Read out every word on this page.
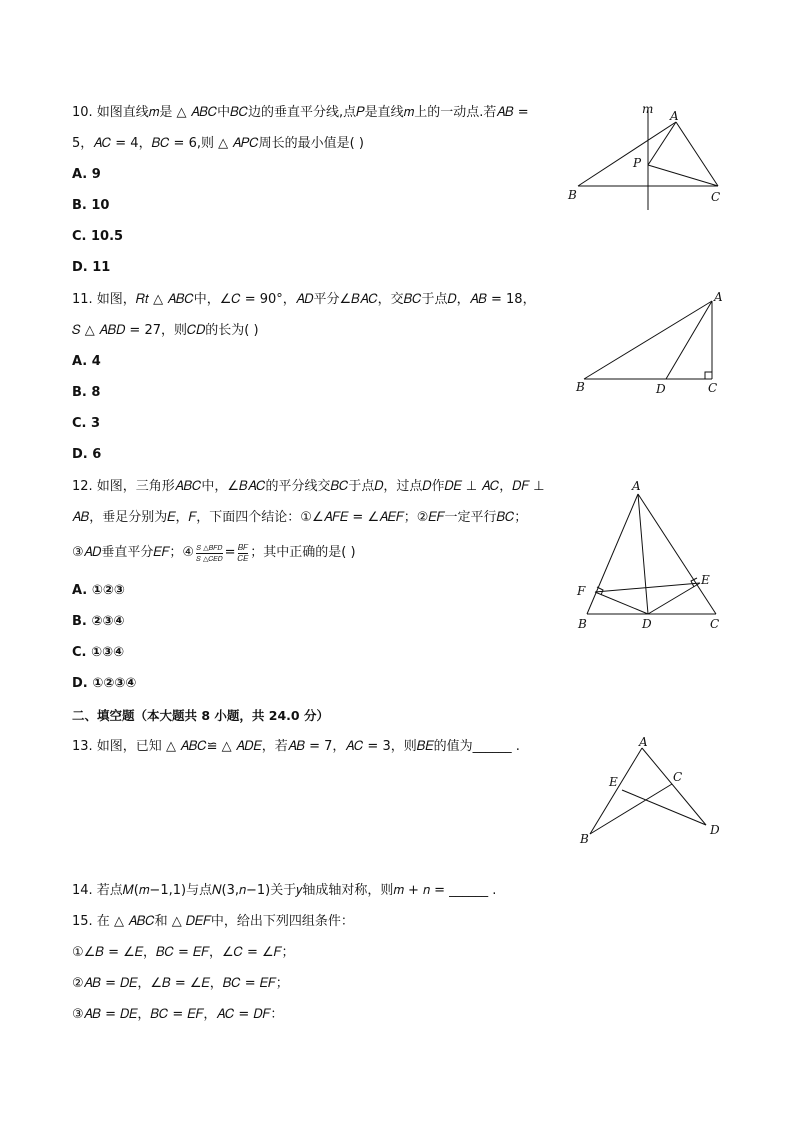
10. 如图直线𝑚是 △ 𝐴𝐵𝐶中𝐵𝐶边的垂直平分线,点𝑃是直线𝑚上的一动点.若𝐴𝐵 =
5，𝐴𝐶 = 4，𝐵𝐶 = 6,则 △ 𝐴𝑃𝐶周长的最小值是( )
A. 9
B. 10
C. 10.5
D. 11
m A
P
B	C
11. 如图，𝑅𝑡 △ 𝐴𝐵𝐶中，∠𝐶 = 90°，𝐴𝐷平分∠𝐵𝐴𝐶，交𝐵𝐶于点𝐷，𝐴𝐵 = 18，
𝑆 △ 𝐴𝐵𝐷 = 27，则𝐶𝐷的长为( )
A. 4
B. 8
C. 3
D. 6
A
B	D	C
12. 如图，三角形𝐴𝐵𝐶中，∠𝐵𝐴𝐶的平分线交𝐵𝐶于点𝐷，过点𝐷作𝐷𝐸 ⊥ 𝐴𝐶，𝐷𝐹 ⊥
𝐴𝐵，垂足分别为𝐸，𝐹，下面四个结论：①∠𝐴𝐹𝐸 = ∠𝐴𝐸𝐹；②𝐸𝐹一定平行𝐵𝐶；
③𝐴𝐷垂直平分𝐸𝐹；④ 𝑆 △𝐵𝐹𝐷
𝑆 △𝐶𝐸𝐷 = 𝐵𝐹
𝐶𝐸 ；其中正确的是( )
A. ①②③
B. ②③④
C. ①③④
D. ①②③④
A
F
E
B	D	C
二、填空题（本大题共 8 小题，共 24.0 分）
13. 如图，已知 △ 𝐴𝐵𝐶≌ △ 𝐴𝐷𝐸，若𝐴𝐵 = 7，𝐴𝐶 = 3，则𝐵𝐸的值为______ .	A
E	C
B
D
14. 若点𝑀(𝑚−1,1)与点𝑁(3,𝑛−1)关于𝑦轴成轴对称，则𝑚 + 𝑛 = ______ .
15. 在 △ 𝐴𝐵𝐶和 △ 𝐷𝐸𝐹中，给出下列四组条件：
①∠𝐵 = ∠𝐸，𝐵𝐶 = 𝐸𝐹，∠𝐶 = ∠𝐹；
②𝐴𝐵 = 𝐷𝐸，∠𝐵 = ∠𝐸，𝐵𝐶 = 𝐸𝐹；
③𝐴𝐵 = 𝐷𝐸，𝐵𝐶 = 𝐸𝐹，𝐴𝐶 = 𝐷𝐹：
